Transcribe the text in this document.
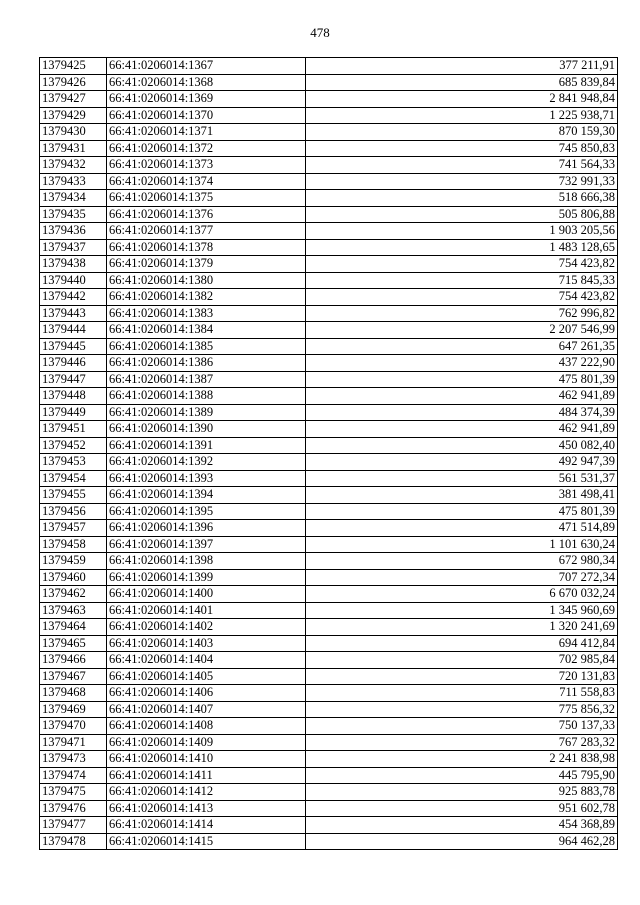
478
1379425	66:41:0206014:1367	377 211,91
1379426	66:41:0206014:1368	685 839,84
1379427	66:41:0206014:1369	2 841 948,84
1379429	66:41:0206014:1370	1 225 938,71
1379430	66:41:0206014:1371	870 159,30
1379431	66:41:0206014:1372	745 850,83
1379432	66:41:0206014:1373	741 564,33
1379433	66:41:0206014:1374	732 991,33
1379434	66:41:0206014:1375	518 666,38
1379435	66:41:0206014:1376	505 806,88
1379436	66:41:0206014:1377	1 903 205,56
1379437	66:41:0206014:1378	1 483 128,65
1379438	66:41:0206014:1379	754 423,82
1379440	66:41:0206014:1380	715 845,33
1379442	66:41:0206014:1382	754 423,82
1379443	66:41:0206014:1383	762 996,82
1379444	66:41:0206014:1384	2 207 546,99
1379445	66:41:0206014:1385	647 261,35
1379446	66:41:0206014:1386	437 222,90
1379447	66:41:0206014:1387	475 801,39
1379448	66:41:0206014:1388	462 941,89
1379449	66:41:0206014:1389	484 374,39
1379451	66:41:0206014:1390	462 941,89
1379452	66:41:0206014:1391	450 082,40
1379453	66:41:0206014:1392	492 947,39
1379454	66:41:0206014:1393	561 531,37
1379455	66:41:0206014:1394	381 498,41
1379456	66:41:0206014:1395	475 801,39
1379457	66:41:0206014:1396	471 514,89
1379458	66:41:0206014:1397	1 101 630,24
1379459	66:41:0206014:1398	672 980,34
1379460	66:41:0206014:1399	707 272,34
1379462	66:41:0206014:1400	6 670 032,24
1379463	66:41:0206014:1401	1 345 960,69
1379464	66:41:0206014:1402	1 320 241,69
1379465	66:41:0206014:1403	694 412,84
1379466	66:41:0206014:1404	702 985,84
1379467	66:41:0206014:1405	720 131,83
1379468	66:41:0206014:1406	711 558,83
1379469	66:41:0206014:1407	775 856,32
1379470	66:41:0206014:1408	750 137,33
1379471	66:41:0206014:1409	767 283,32
1379473	66:41:0206014:1410	2 241 838,98
1379474	66:41:0206014:1411	445 795,90
1379475	66:41:0206014:1412	925 883,78
1379476	66:41:0206014:1413	951 602,78
1379477	66:41:0206014:1414	454 368,89
1379478	66:41:0206014:1415	964 462,28
